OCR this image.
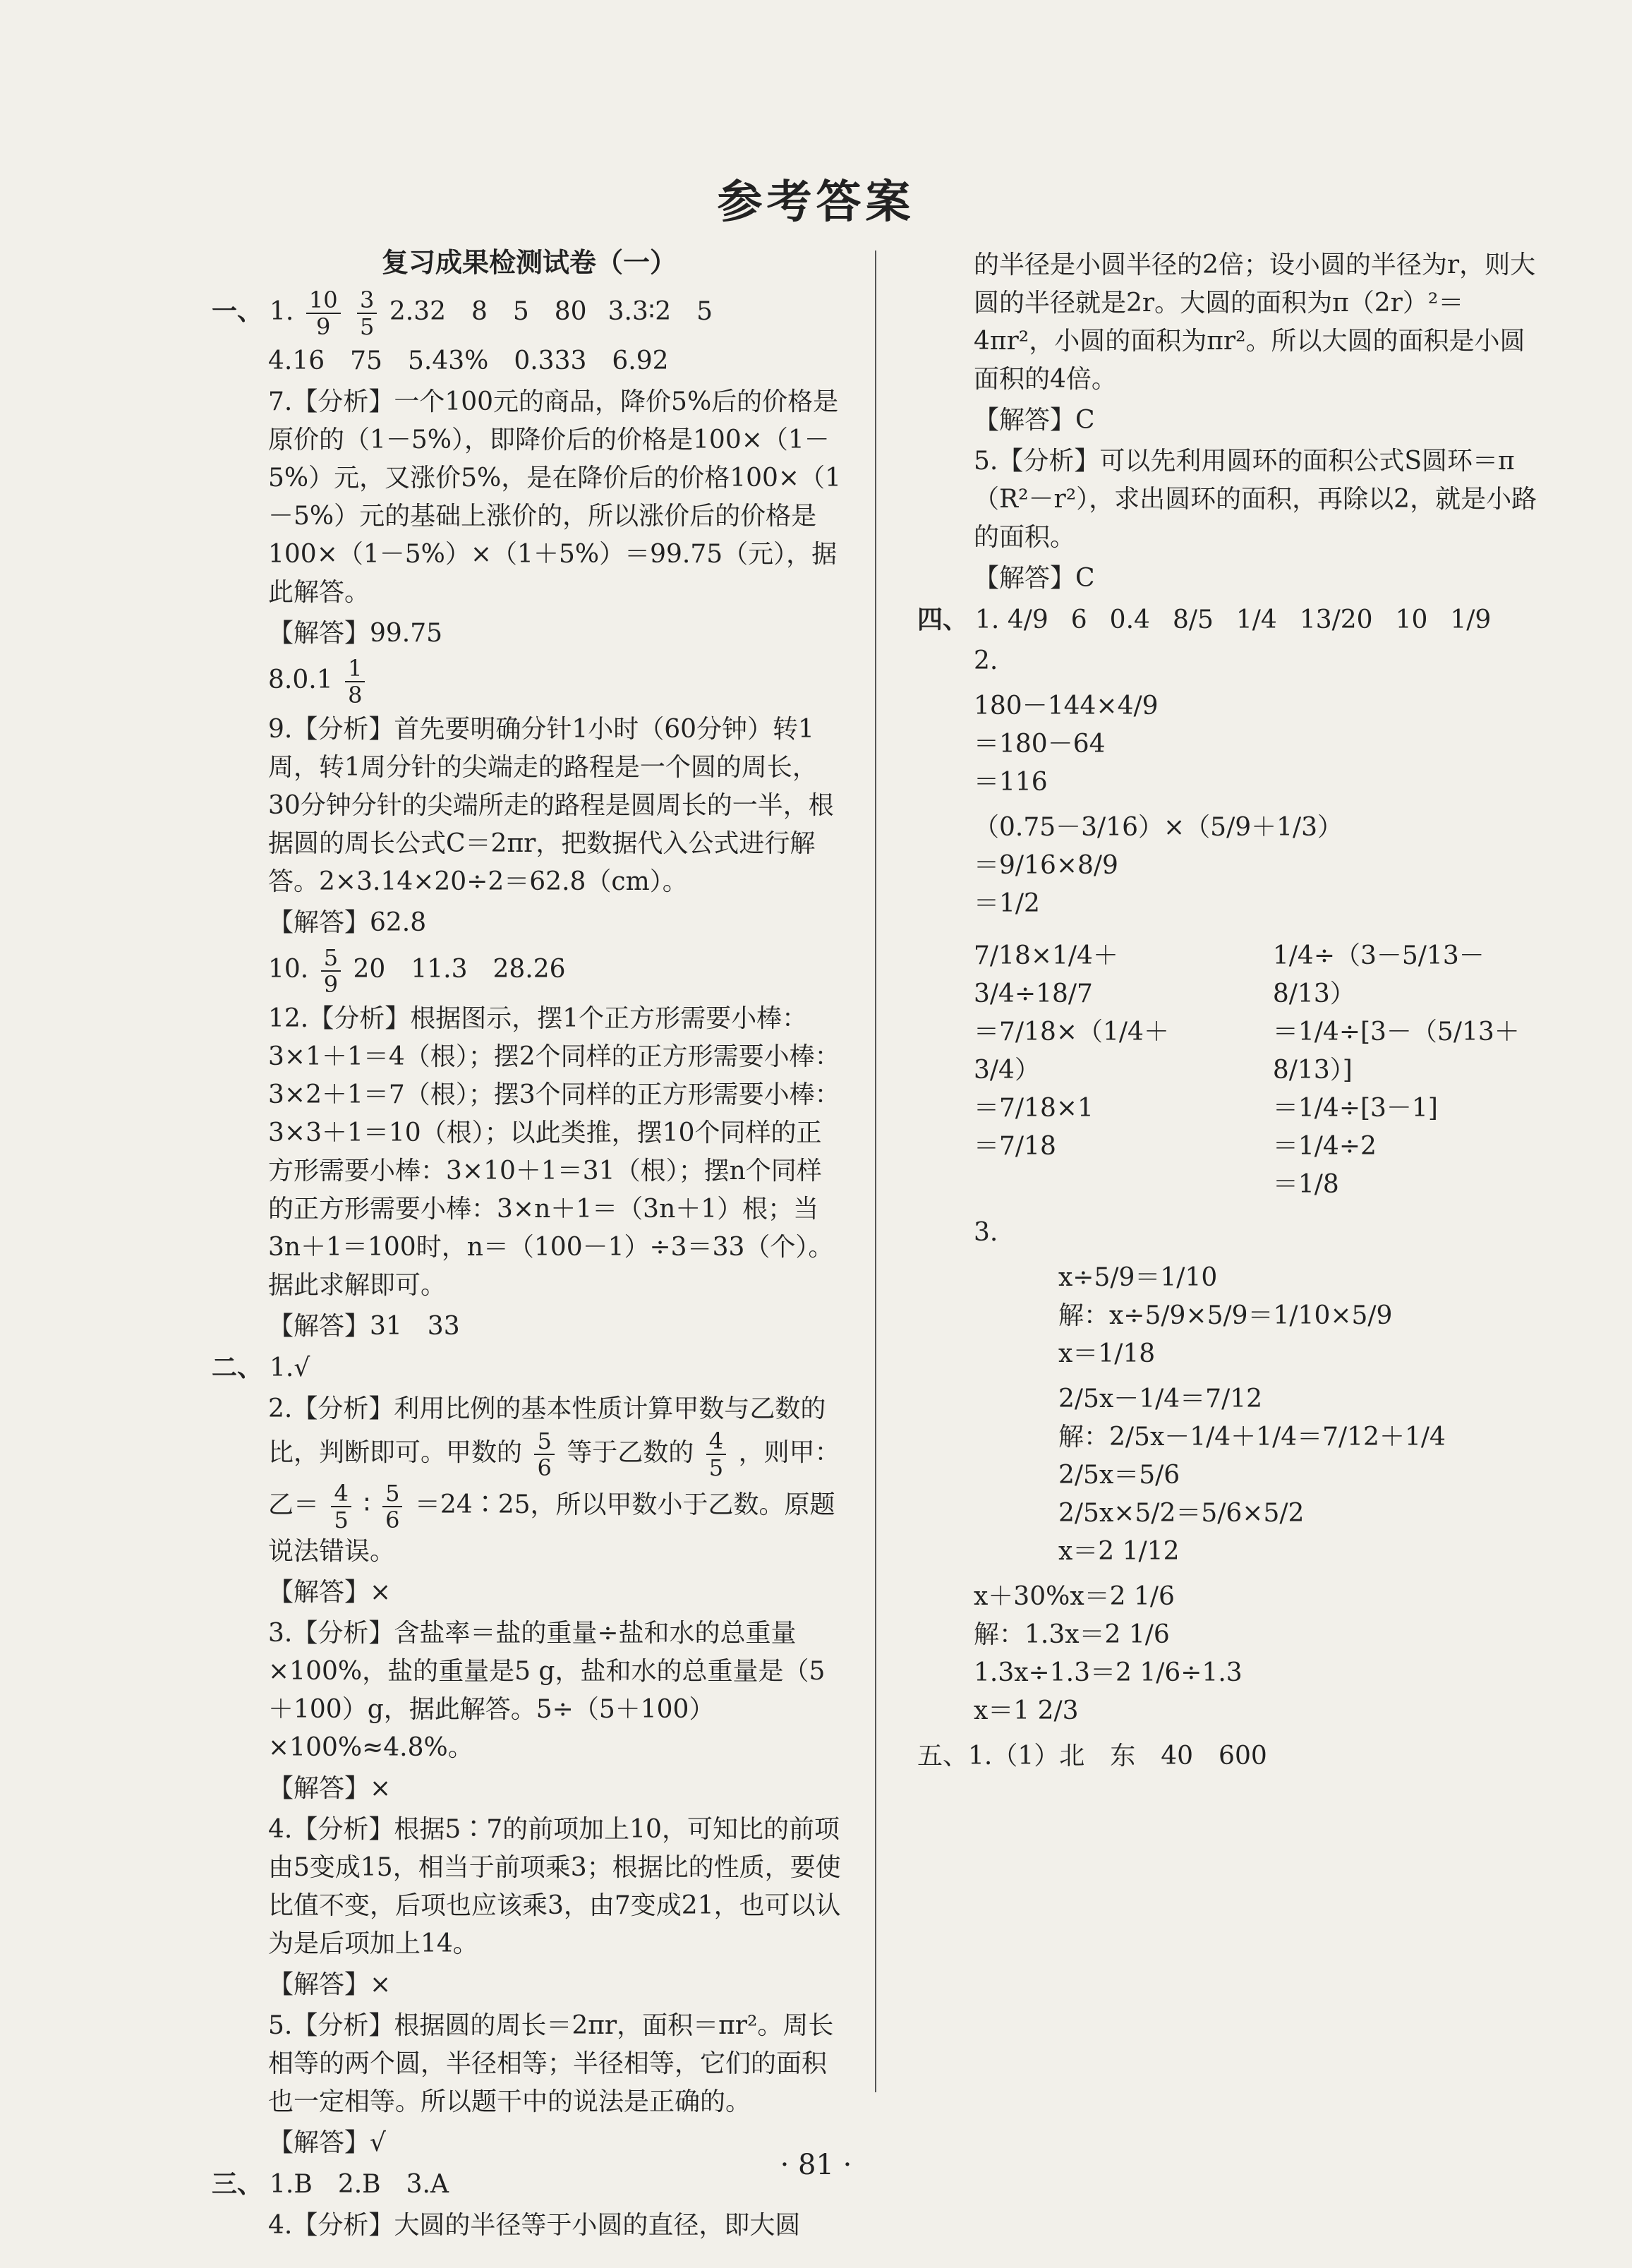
参考答案
复习成果检测试卷（一）
一、 1. $\frac{10}{9}$
$\frac{3}{5} 2.32$　8　5　80 3.3∶2　5
4.16　75　5.43%　0.333　6.92
7.【分析】一个100元的商品，降价5%后的价格是原价的（1－5%），即降价后的价格是100×（1－5%）元，又涨价5%，是在降价后的价格100×（1－5%）元的基础上涨价的，所以涨价后的价格是100×（1－5%）×（1＋5%）＝99.75（元），据此解答。
【解答】99.75
$8.0.1 \frac{1}{8}$
9.【分析】首先要明确分针1小时（60分钟）转1周，转1周分针的尖端走的路程是一个圆的周长，30分钟分针的尖端所走的路程是圆周长的一半，根据圆的周长公式C＝2πr，把数据代入公式进行解答。2×3.14×20÷2＝62.8（cm）。
【解答】62.8
10. $\frac{5}{9} 20$　11.3　28.26
12.【分析】根据图示，摆1个正方形需要小棒：3×1＋1＝4（根）；摆2个同样的正方形需要小棒：3×2＋1＝7（根）；摆3个同样的正方形需要小棒：3×3＋1＝10（根）；以此类推，摆10个同样的正方形需要小棒：3×10＋1＝31（根）；摆n个同样的正方形需要小棒：3×n＋1＝（3n＋1）根；当3n＋1＝100时，n＝（100－1）÷3＝33（个）。据此求解即可。
【解答】31　33
二、 1.√
2.【分析】利用比例的基本性质计算甲数与乙数的比，判断即可。甲数的 $\frac{5}{6}$ 等于乙数的 $\frac{4}{5}$ ，则甲：乙＝ $\frac{4}{5}$ ∶ $\frac{5}{6}$ ＝24∶25，所以甲数小于乙数。原题说法错误。
【解答】×
3.【分析】含盐率＝盐的重量÷盐和水的总重量×100%，盐的重量是5 g，盐和水的总重量是（5＋100）g，据此解答。5÷（5＋100）×100%≈4.8%。
【解答】×
4.【分析】根据5∶7的前项加上10，可知比的前项由5变成15，相当于前项乘3；根据比的性质，要使比值不变，后项也应该乘3，由7变成21，也可以认为是后项加上14。
【解答】×
5.【分析】根据圆的周长＝2πr，面积＝πr²。周长相等的两个圆，半径相等；半径相等，它们的面积也一定相等。所以题干中的说法是正确的。
【解答】√
三、 1.B　2.B　3.A
4.【分析】大圆的半径等于小圆的直径，即大圆
的半径是小圆半径的2倍；设小圆的半径为r，则大圆的半径就是2r。大圆的面积为π（2r）²＝4πr²，小圆的面积为πr²。所以大圆的面积是小圆面积的4倍。
【解答】C
5.【分析】可以先利用圆环的面积公式S圆环＝π（R²－r²），求出圆环的面积，再除以2，就是小路的面积。
【解答】C
四、 1. 4/9 6 0.4 8/5 1/4 13/20 10 1/9
2.
180－144×4/9
＝180－64
＝116
（0.75－3/16）×（5/9＋1/3）
＝9/16×8/9
＝1/2
7/18×1/4＋3/4÷18/7
＝7/18×（1/4＋3/4）
＝7/18×1
＝7/18
1/4÷（3－5/13－8/13）
＝1/4÷[3－（5/13＋8/13）]
＝1/4÷[3－1]
＝1/4÷2
＝1/8
3.
x÷5/9＝1/10
解：x÷5/9×5/9＝1/10×5/9
x＝1/18
2/5x－1/4＝7/12
解：2/5x－1/4＋1/4＝7/12＋1/4
2/5x＝5/6
2/5x×5/2＝5/6×5/2
x＝2 1/12
x＋30%x＝2 1/6
解：1.3x＝2 1/6
1.3x÷1.3＝2 1/6÷1.3
x＝1 2/3
五、1.（1）北　东　40　600
· 81 ·
